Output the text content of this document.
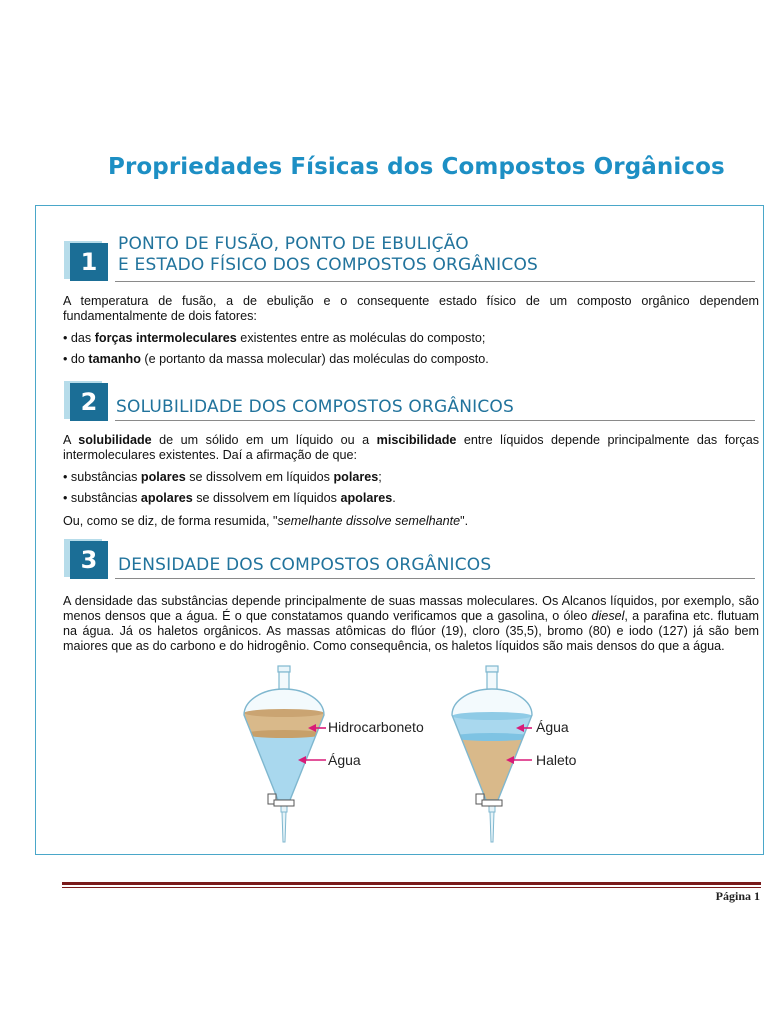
Propriedades Físicas dos Compostos Orgânicos
1
PONTO DE FUSÃO, PONTO DE EBULIÇÃO
E ESTADO FÍSICO DOS COMPOSTOS ORGÂNICOS
A temperatura de fusão, a de ebulição e o consequente estado físico de um composto orgânico dependem fundamentalmente de dois fatores:
• das forças intermoleculares existentes entre as moléculas do composto;
• do tamanho (e portanto da massa molecular) das moléculas do composto.
2	SOLUBILIDADE DOS COMPOSTOS ORGÂNICOS
A solubilidade de um sólido em um líquido ou a miscibilidade entre líquidos depende principalmente das forças intermoleculares existentes. Daí a afirmação de que:
• substâncias polares se dissolvem em líquidos polares;
• substâncias apolares se dissolvem em líquidos apolares.
Ou, como se diz, de forma resumida, "semelhante dissolve semelhante".
3	DENSIDADE DOS COMPOSTOS ORGÂNICOS
A densidade das substâncias depende principalmente de suas massas moleculares. Os Alcanos líquidos, por exemplo, são menos densos que a água. É o que constatamos quando verificamos que a gasolina, o óleo diesel, a parafina etc. flutuam na água. Já os haletos orgânicos. As massas atômicas do flúor (19), cloro (35,5), bromo (80) e iodo (127) já são bem maiores que as do carbono e do hidrogênio. Como consequência, os haletos líquidos são mais densos do que a água.
Hidrocarboneto
Água
Água
Haleto
Página 1
